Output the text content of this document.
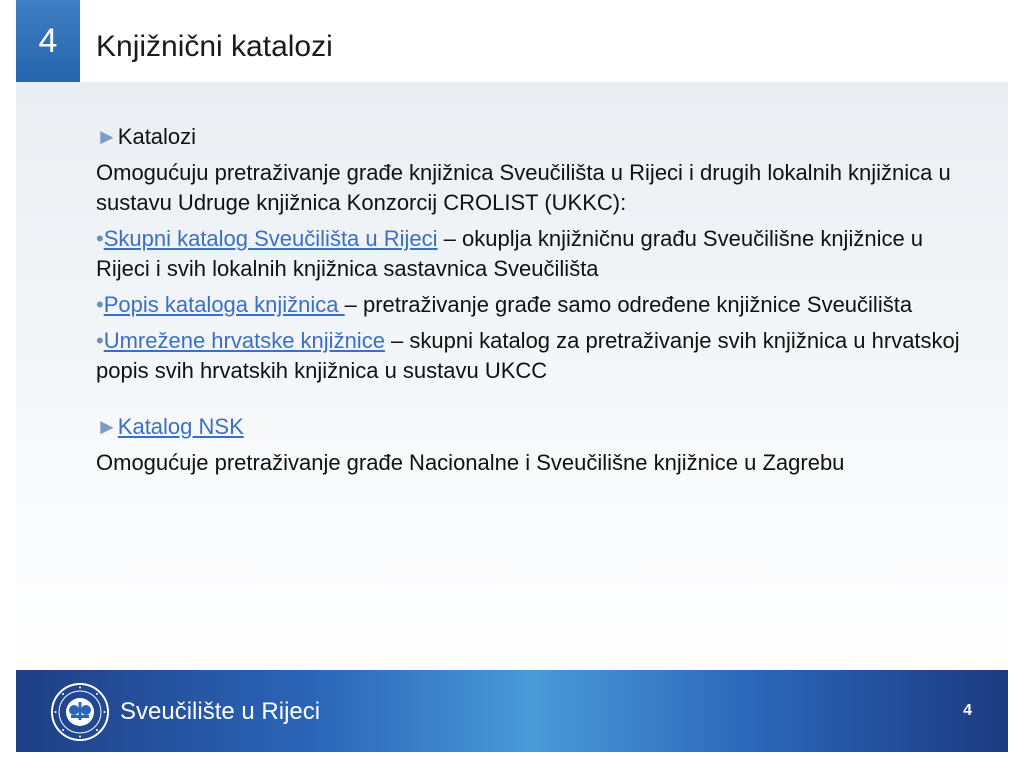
4	Knjižnični katalozi

►Katalozi

Omogućuju pretraživanje građe knjižnica Sveučilišta u Rijeci i drugih lokalnih knjižnica u sustavu Udruge knjižnica Konzorcij CROLIST (UKKC):

•Skupni katalog Sveučilišta u Rijeci – okuplja knjižničnu građu Sveučilišne knjižnice u Rijeci i svih lokalnih knjižnica sastavnica Sveučilišta

•Popis kataloga knjižnica – pretraživanje građe samo određene knjižnice Sveučilišta

•Umrežene hrvatske knjižnice – skupni katalog za pretraživanje svih knjižnica u hrvatskoj popis svih hrvatskih knjižnica u sustavu UKCC

►Katalog NSK

Omogućuje pretraživanje građe Nacionalne i Sveučilišne knjižnice u Zagrebu

Sveučilište u Rijeci	4
